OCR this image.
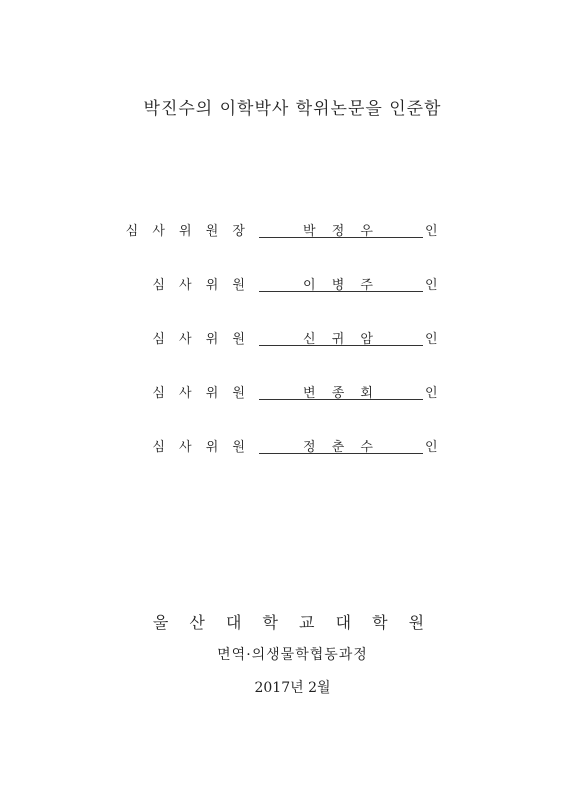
박진수의 이학박사 학위논문을 인준함
심 사 위 원 장	박 정 우	인
심 사 위 원	이 병 주	인
심 사 위 원	신 귀 암	인
심 사 위 원	변 종 회	인
심 사 위 원	정 춘 수	인
울 산 대 학 교 대 학 원
면역·의생물학협동과정
2017년 2월
